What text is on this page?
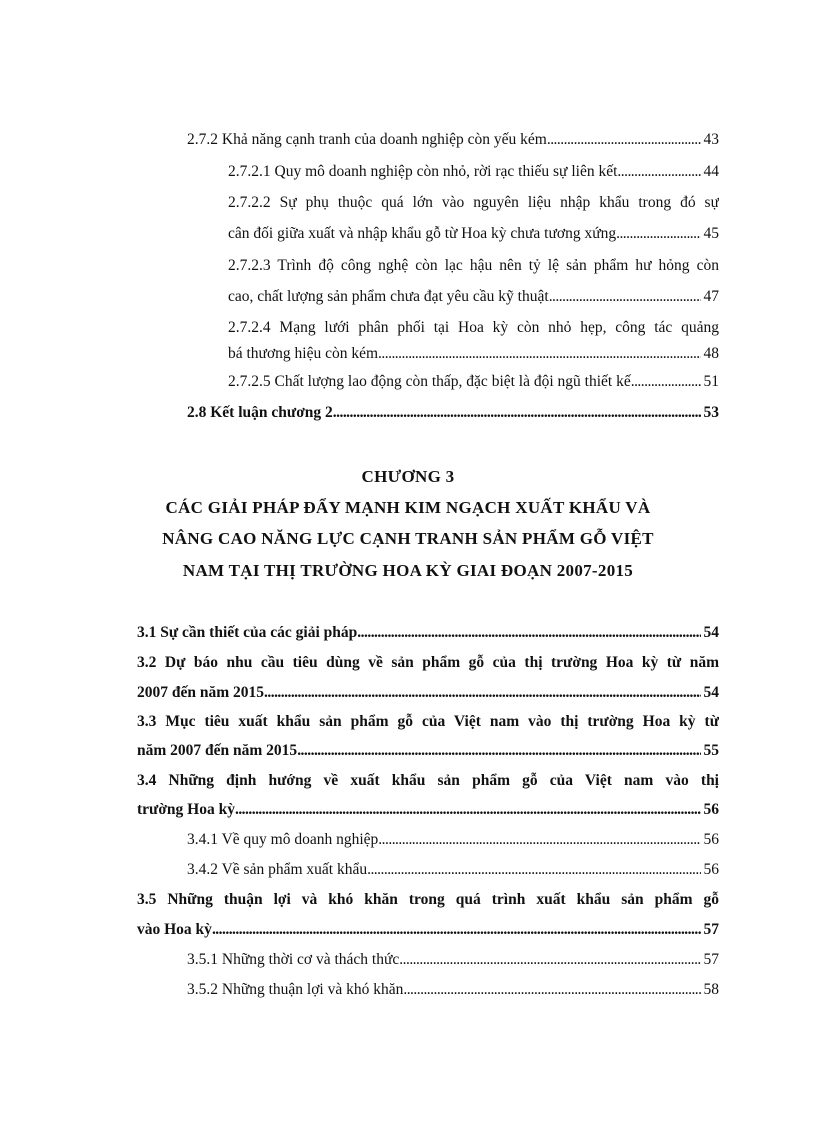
2.7.2 Khả năng cạnh tranh của doanh nghiệp còn yếu kém . . .	43
2.7.2.1 Quy mô doanh nghiệp còn nhỏ, rời rạc thiếu sự liên kết . . .	44
2.7.2.2 Sự phụ thuộc quá lớn vào nguyên liệu nhập khẩu trong đó sự
cân đối giữa xuất và nhập khẩu gỗ từ Hoa kỳ chưa tương xứng . . .	45
2.7.2.3 Trình độ công nghệ còn lạc hậu nên tỷ lệ sản phẩm hư hỏng còn
cao, chất lượng sản phẩm chưa đạt yêu cầu kỹ thuật . . .	47
2.7.2.4 Mạng lưới phân phối tại Hoa kỳ còn nhỏ hẹp, công tác quảng
bá thương hiệu còn kém . . .	48
2.7.2.5 Chất lượng lao động còn thấp, đặc biệt là đội ngũ thiết kế . . .	51
2.8 Kết luận chương 2 . . .	53
CHƯƠNG 3
CÁC GIẢI PHÁP ĐẨY MẠNH KIM NGẠCH XUẤT KHẨU VÀ
NÂNG CAO NĂNG LỰC CẠNH TRANH SẢN PHẨM GỖ VIỆT
NAM TẠI THỊ TRƯỜNG HOA KỲ GIAI ĐOẠN 2007-2015
3.1 Sự cần thiết của các giải pháp . . .	54
3.2 Dự báo nhu cầu tiêu dùng về sản phẩm gỗ của thị trường Hoa kỳ từ năm
2007 đến năm 2015 . . .	54
3.3 Mục tiêu xuất khẩu sản phẩm gỗ của Việt nam vào thị trường Hoa kỳ từ
năm 2007 đến năm 2015 . . .	55
3.4 Những định hướng về xuất khẩu sản phẩm gỗ của Việt nam vào thị
trường Hoa kỳ . . .	56
3.4.1 Về quy mô doanh nghiệp . . .	56
3.4.2 Về sản phẩm xuất khẩu . . .	56
3.5 Những thuận lợi và khó khăn trong quá trình xuất khẩu sản phẩm gỗ
vào Hoa kỳ . . .	57
3.5.1 Những thời cơ và thách thức . . .	57
3.5.2 Những thuận lợi và khó khăn . . .	58
